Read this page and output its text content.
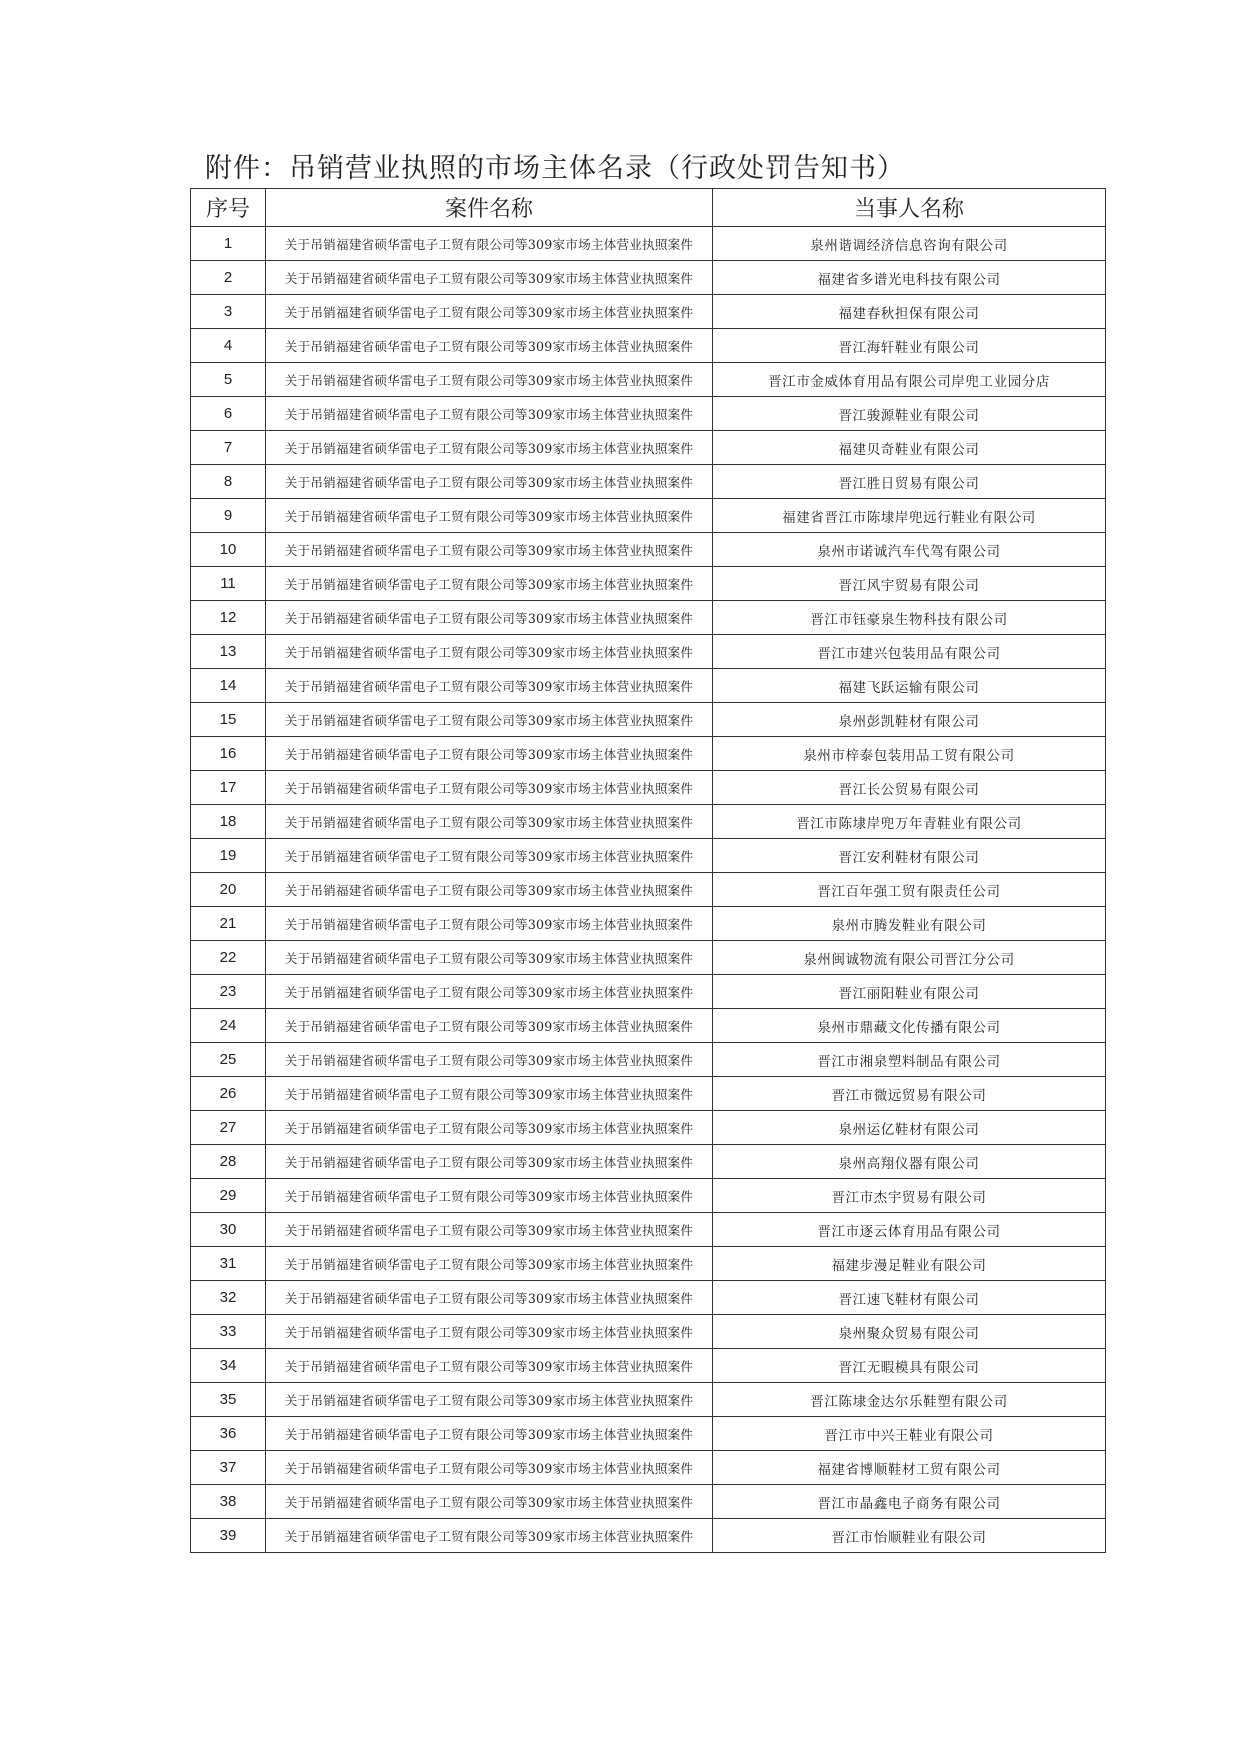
附件：吊销营业执照的市场主体名录（行政处罚告知书）
序号	案件名称	当事人名称
1	关于吊销福建省硕华雷电子工贸有限公司等309家市场主体营业执照案件	泉州谐调经济信息咨询有限公司
2	关于吊销福建省硕华雷电子工贸有限公司等309家市场主体营业执照案件	福建省多谱光电科技有限公司
3	关于吊销福建省硕华雷电子工贸有限公司等309家市场主体营业执照案件	福建春秋担保有限公司
4	关于吊销福建省硕华雷电子工贸有限公司等309家市场主体营业执照案件	晋江海轩鞋业有限公司
5	关于吊销福建省硕华雷电子工贸有限公司等309家市场主体营业执照案件	晋江市金威体育用品有限公司岸兜工业园分店
6	关于吊销福建省硕华雷电子工贸有限公司等309家市场主体营业执照案件	晋江骏源鞋业有限公司
7	关于吊销福建省硕华雷电子工贸有限公司等309家市场主体营业执照案件	福建贝奇鞋业有限公司
8	关于吊销福建省硕华雷电子工贸有限公司等309家市场主体营业执照案件	晋江胜日贸易有限公司
9	关于吊销福建省硕华雷电子工贸有限公司等309家市场主体营业执照案件	福建省晋江市陈埭岸兜远行鞋业有限公司
10	关于吊销福建省硕华雷电子工贸有限公司等309家市场主体营业执照案件	泉州市诺诚汽车代驾有限公司
11	关于吊销福建省硕华雷电子工贸有限公司等309家市场主体营业执照案件	晋江风宇贸易有限公司
12	关于吊销福建省硕华雷电子工贸有限公司等309家市场主体营业执照案件	晋江市钰豪泉生物科技有限公司
13	关于吊销福建省硕华雷电子工贸有限公司等309家市场主体营业执照案件	晋江市建兴包装用品有限公司
14	关于吊销福建省硕华雷电子工贸有限公司等309家市场主体营业执照案件	福建飞跃运输有限公司
15	关于吊销福建省硕华雷电子工贸有限公司等309家市场主体营业执照案件	泉州彭凯鞋材有限公司
16	关于吊销福建省硕华雷电子工贸有限公司等309家市场主体营业执照案件	泉州市梓泰包装用品工贸有限公司
17	关于吊销福建省硕华雷电子工贸有限公司等309家市场主体营业执照案件	晋江长公贸易有限公司
18	关于吊销福建省硕华雷电子工贸有限公司等309家市场主体营业执照案件	晋江市陈埭岸兜万年青鞋业有限公司
19	关于吊销福建省硕华雷电子工贸有限公司等309家市场主体营业执照案件	晋江安利鞋材有限公司
20	关于吊销福建省硕华雷电子工贸有限公司等309家市场主体营业执照案件	晋江百年强工贸有限责任公司
21	关于吊销福建省硕华雷电子工贸有限公司等309家市场主体营业执照案件	泉州市腾发鞋业有限公司
22	关于吊销福建省硕华雷电子工贸有限公司等309家市场主体营业执照案件	泉州闽诚物流有限公司晋江分公司
23	关于吊销福建省硕华雷电子工贸有限公司等309家市场主体营业执照案件	晋江丽阳鞋业有限公司
24	关于吊销福建省硕华雷电子工贸有限公司等309家市场主体营业执照案件	泉州市鼎藏文化传播有限公司
25	关于吊销福建省硕华雷电子工贸有限公司等309家市场主体营业执照案件	晋江市湘泉塑料制品有限公司
26	关于吊销福建省硕华雷电子工贸有限公司等309家市场主体营业执照案件	晋江市微远贸易有限公司
27	关于吊销福建省硕华雷电子工贸有限公司等309家市场主体营业执照案件	泉州运亿鞋材有限公司
28	关于吊销福建省硕华雷电子工贸有限公司等309家市场主体营业执照案件	泉州高翔仪器有限公司
29	关于吊销福建省硕华雷电子工贸有限公司等309家市场主体营业执照案件	晋江市杰宇贸易有限公司
30	关于吊销福建省硕华雷电子工贸有限公司等309家市场主体营业执照案件	晋江市逐云体育用品有限公司
31	关于吊销福建省硕华雷电子工贸有限公司等309家市场主体营业执照案件	福建步漫足鞋业有限公司
32	关于吊销福建省硕华雷电子工贸有限公司等309家市场主体营业执照案件	晋江速飞鞋材有限公司
33	关于吊销福建省硕华雷电子工贸有限公司等309家市场主体营业执照案件	泉州聚众贸易有限公司
34	关于吊销福建省硕华雷电子工贸有限公司等309家市场主体营业执照案件	晋江无暇模具有限公司
35	关于吊销福建省硕华雷电子工贸有限公司等309家市场主体营业执照案件	晋江陈埭金达尔乐鞋塑有限公司
36	关于吊销福建省硕华雷电子工贸有限公司等309家市场主体营业执照案件	晋江市中兴王鞋业有限公司
37	关于吊销福建省硕华雷电子工贸有限公司等309家市场主体营业执照案件	福建省博顺鞋材工贸有限公司
38	关于吊销福建省硕华雷电子工贸有限公司等309家市场主体营业执照案件	晋江市晶鑫电子商务有限公司
39	关于吊销福建省硕华雷电子工贸有限公司等309家市场主体营业执照案件	晋江市怡顺鞋业有限公司
